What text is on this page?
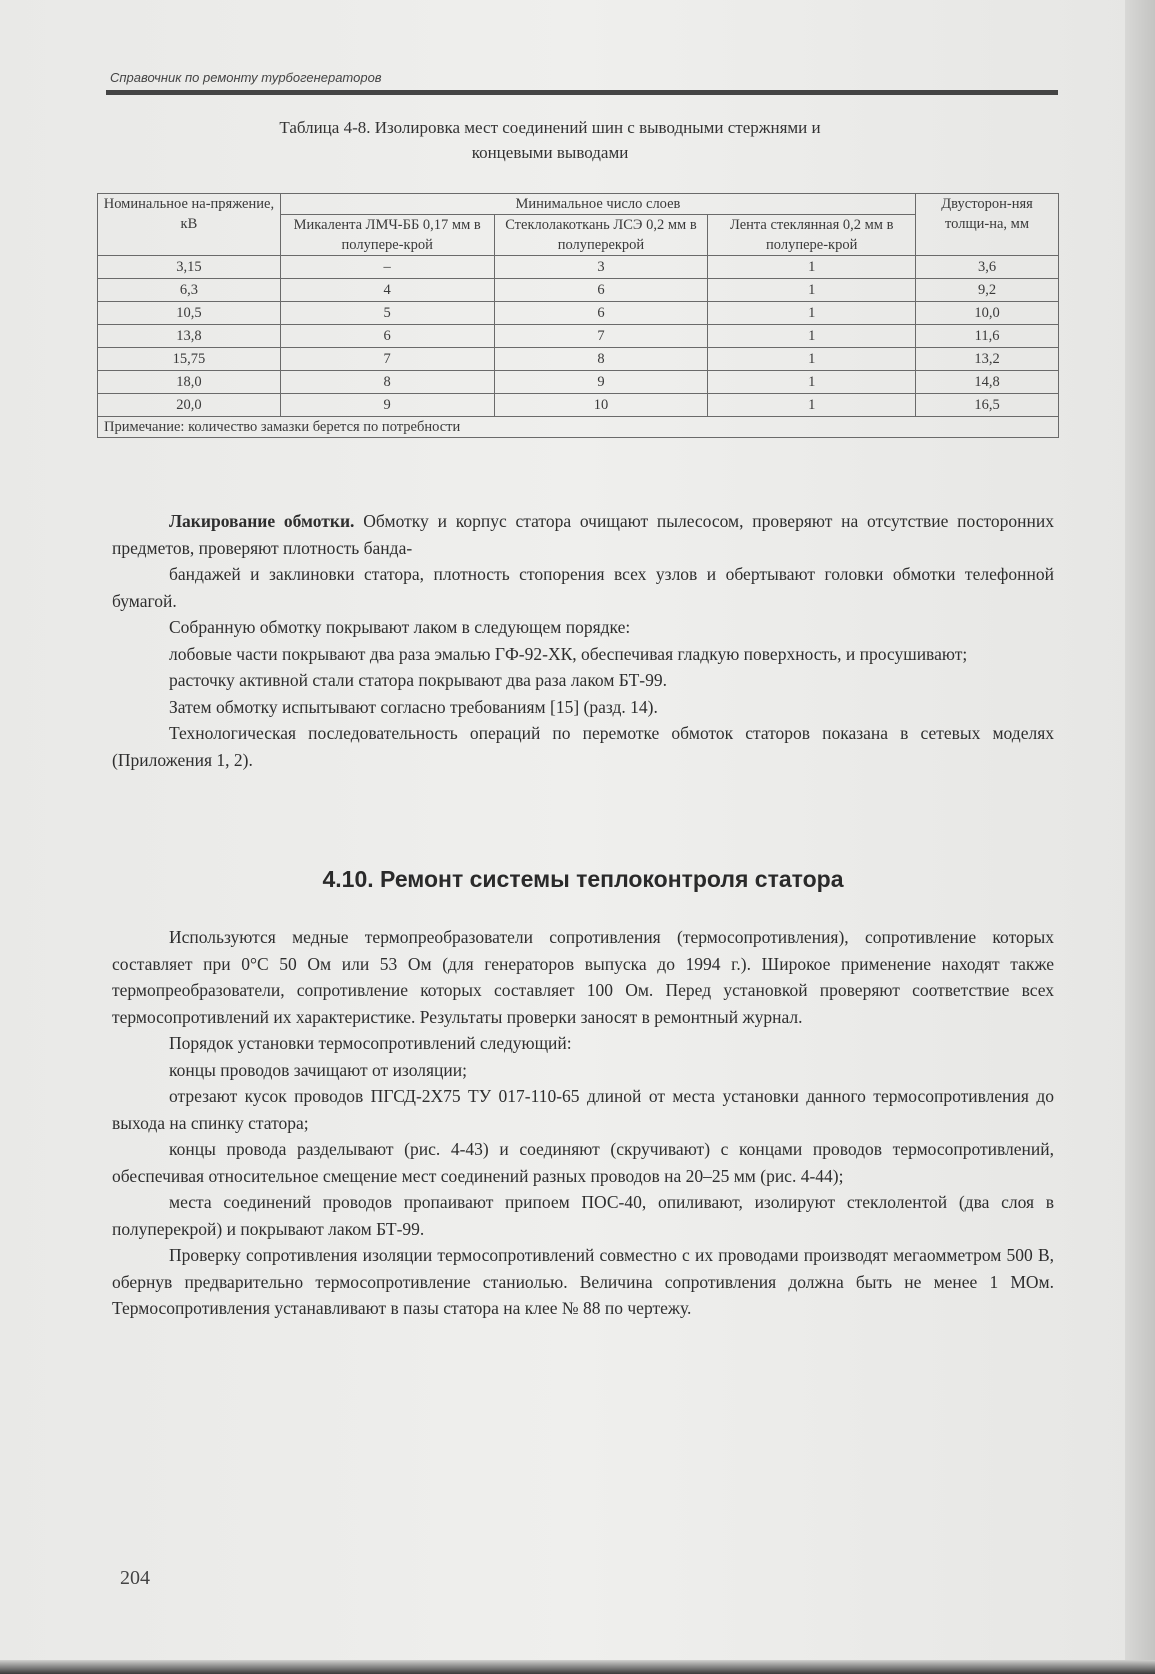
Справочник по ремонту турбогенераторов
Таблица 4-8. Изолировка мест соединений шин с выводными стержнями и
концевыми выводами
Номинальное на-пряжение, кВ	Минимальное число слоев			Двусторон-няя толщи-на, мм
	Микалента ЛМЧ-ББ 0,17 мм в полупере-крой	Стеклолакоткань ЛСЭ 0,2 мм в полуперекрой	Лента стеклянная 0,2 мм в полупере-крой	
3,15	–	3	1	3,6
6,3	4	6	1	9,2
10,5	5	6	1	10,0
13,8	6	7	1	11,6
15,75	7	8	1	13,2
18,0	8	9	1	14,8
20,0	9	10	1	16,5
Примечание: количество замазки берется по потребности				

Лакирование обмотки. Обмотку и корпус статора очищают пылесосом, проверяют на отсутствие посторонних предметов, проверяют плотность банда-

бандажей и заклиновки статора, плотность стопорения всех узлов и обертывают головки обмотки телефонной бумагой.

Собранную обмотку покрывают лаком в следующем порядке:

лобовые части покрывают два раза эмалью ГФ-92-ХК, обеспечивая гладкую поверхность, и просушивают;

расточку активной стали статора покрывают два раза лаком БТ-99.

Затем обмотку испытывают согласно требованиям [15] (разд. 14).

Технологическая последовательность операций по перемотке обмоток статоров показана в сетевых моделях (Приложения 1, 2).

4.10. Ремонт системы теплоконтроля статора

Используются медные термопреобразователи сопротивления (термосопротивления), сопротивление которых составляет при 0°С 50 Ом или 53 Ом (для генераторов выпуска до 1994 г.). Широкое применение находят также термопреобразователи, сопротивление которых составляет 100 Ом. Перед установкой проверяют соответствие всех термосопротивлений их характеристике. Результаты проверки заносят в ремонтный журнал.

Порядок установки термосопротивлений следующий:

концы проводов зачищают от изоляции;

отрезают кусок проводов ПГСД-2Х75 ТУ 017-110-65 длиной от места установки данного термосопротивления до выхода на спинку статора;

концы провода разделывают (рис. 4-43) и соединяют (скручивают) с концами проводов термосопротивлений, обеспечивая относительное смещение мест соединений разных проводов на 20–25 мм (рис. 4-44);

места соединений проводов пропаивают припоем ПОС-40, опиливают, изолируют стеклолентой (два слоя в полуперекрой) и покрывают лаком БТ-99.

Проверку сопротивления изоляции термосопротивлений совместно с их проводами производят мегаомметром 500 В, обернув предварительно термосопротивление станиолью. Величина сопротивления должна быть не менее 1 МОм. Термосопротивления устанавливают в пазы статора на клее № 88 по чертежу.

204
